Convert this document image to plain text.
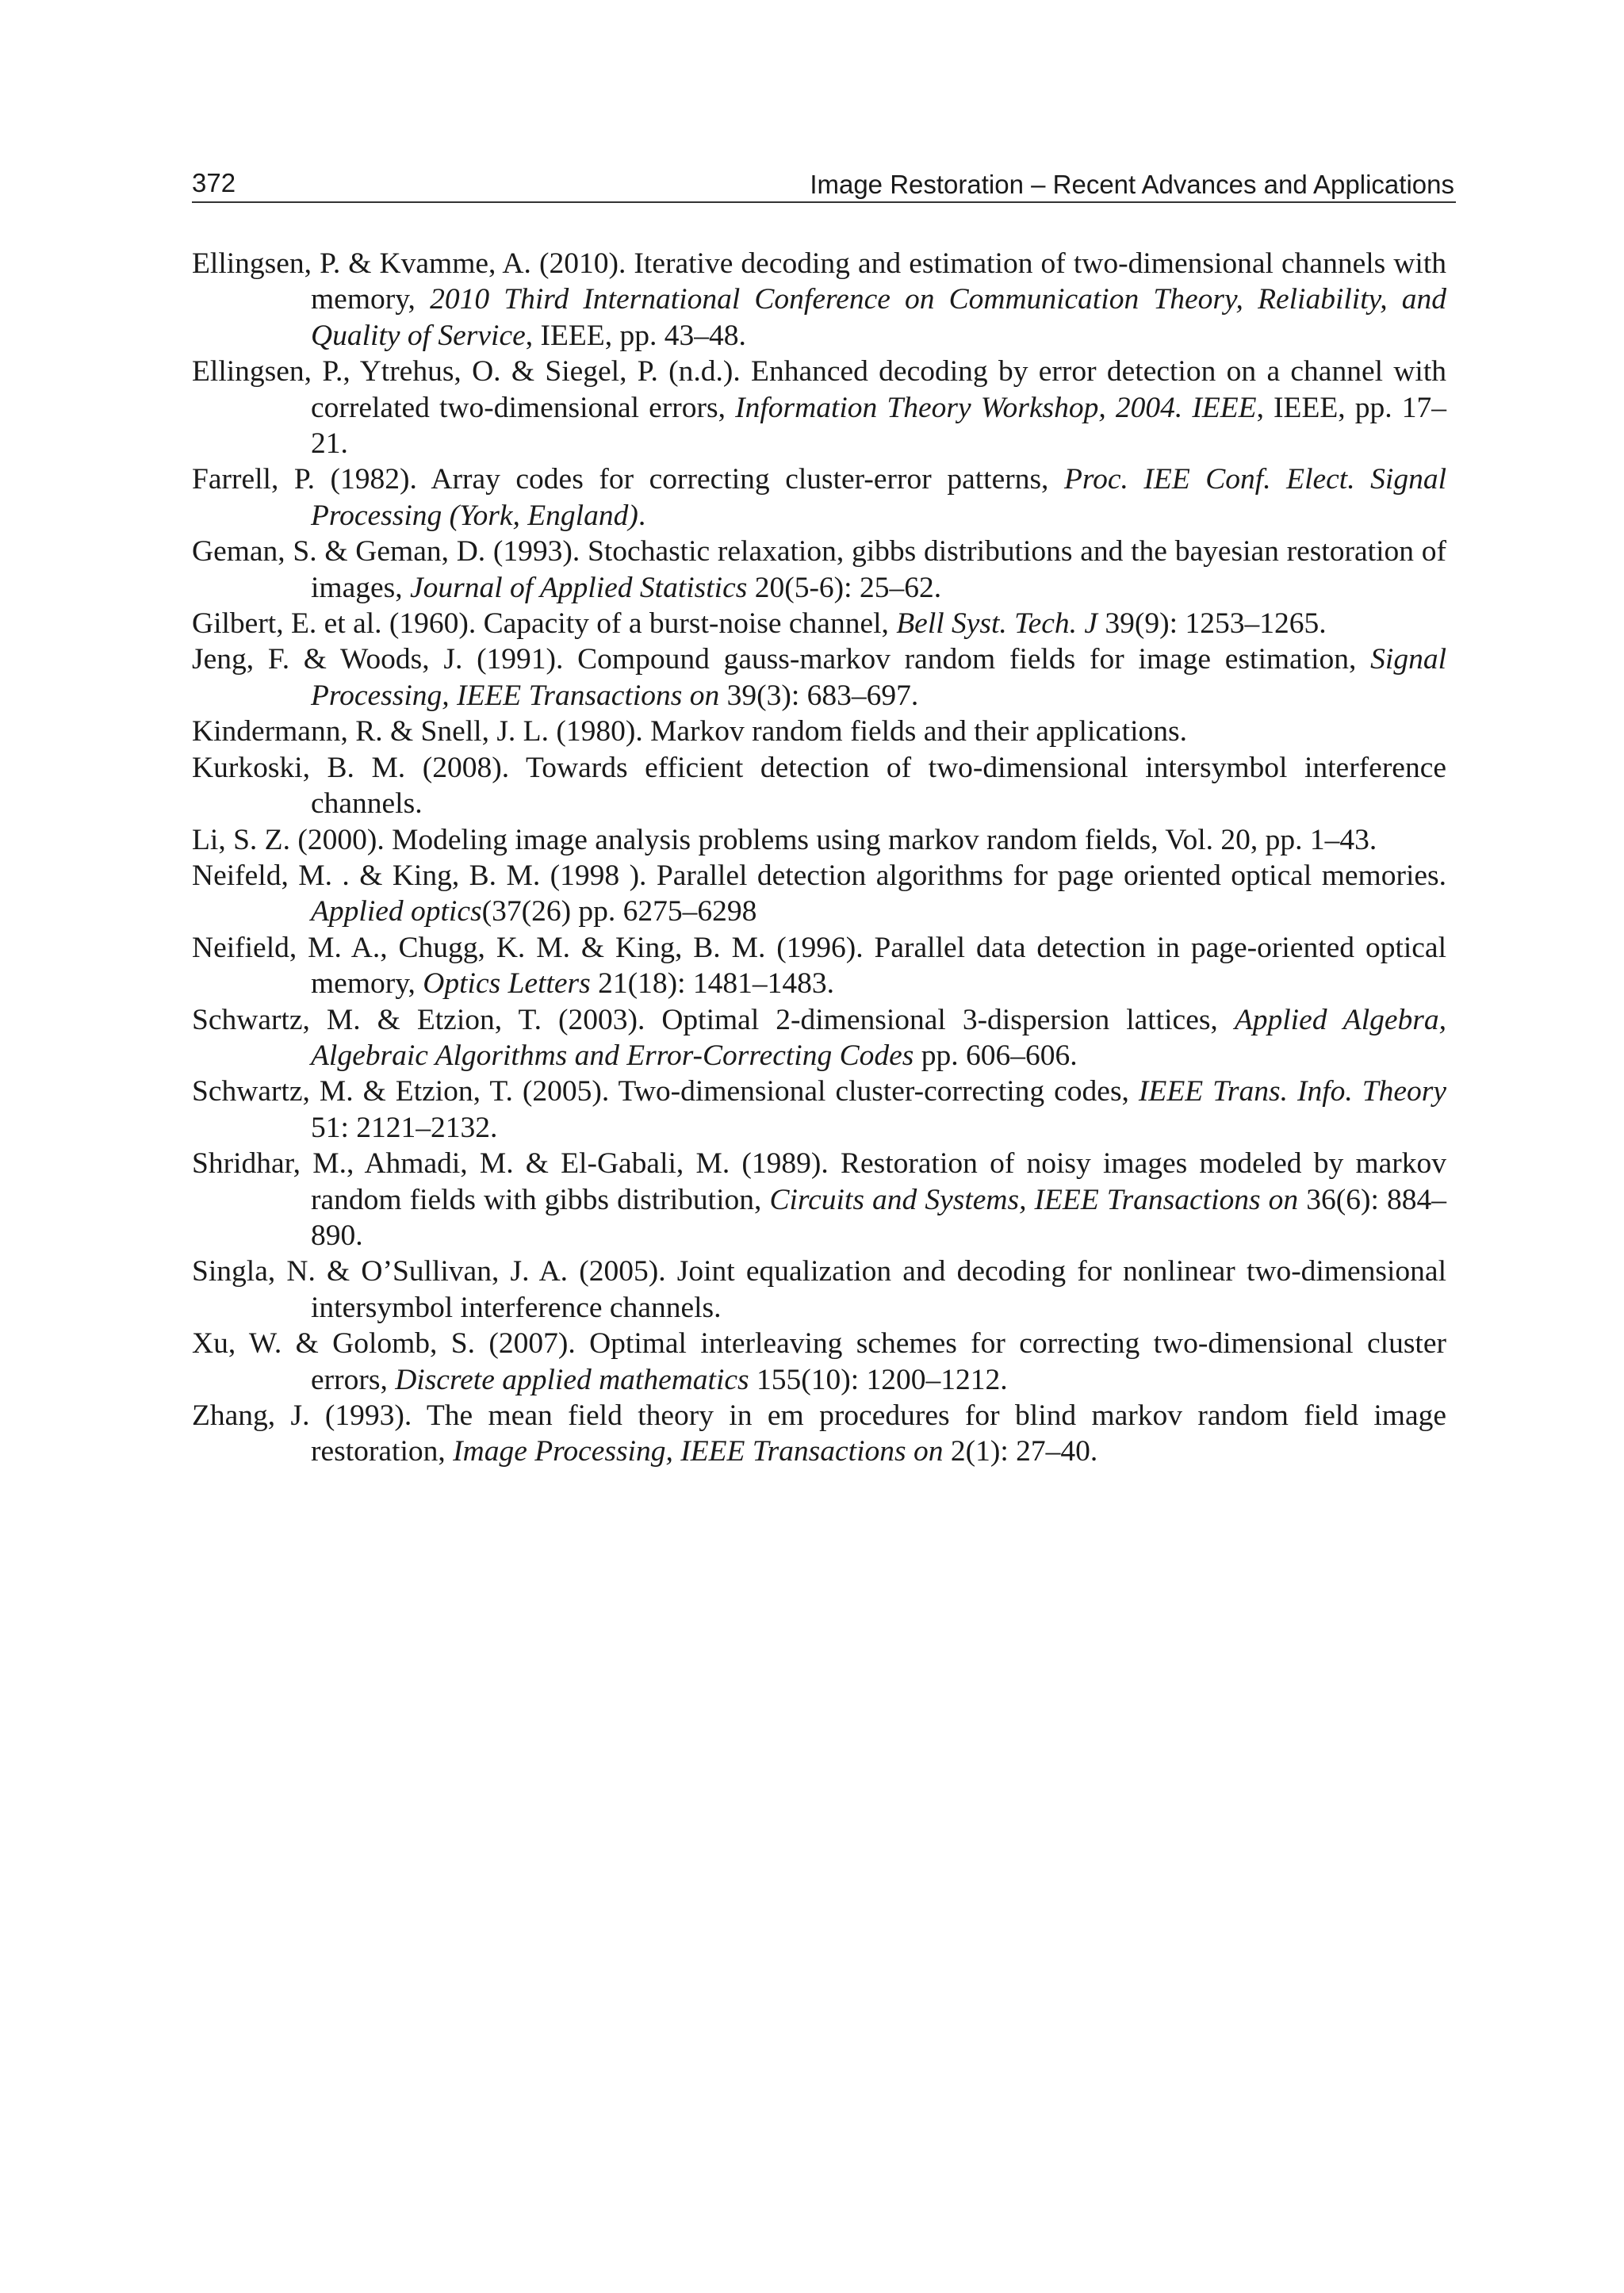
372	Image Restoration – Recent Advances and Applications

Ellingsen, P. & Kvamme, A. (2010). Iterative decoding and estimation of two-dimensional channels with memory, 2010 Third International Conference on Communication Theory, Reliability, and Quality of Service, IEEE, pp. 43–48.

Ellingsen, P., Ytrehus, O. & Siegel, P. (n.d.). Enhanced decoding by error detection on a channel with correlated two-dimensional errors, Information Theory Workshop, 2004. IEEE, IEEE, pp. 17–21.

Farrell, P. (1982). Array codes for correcting cluster-error patterns, Proc. IEE Conf. Elect. Signal Processing (York, England).

Geman, S. & Geman, D. (1993). Stochastic relaxation, gibbs distributions and the bayesian restoration of images, Journal of Applied Statistics 20(5-6): 25–62.

Gilbert, E. et al. (1960). Capacity of a burst-noise channel, Bell Syst. Tech. J 39(9): 1253–1265.

Jeng, F. & Woods, J. (1991). Compound gauss-markov random fields for image estimation, Signal Processing, IEEE Transactions on 39(3): 683–697.

Kindermann, R. & Snell, J. L. (1980). Markov random fields and their applications.

Kurkoski, B. M. (2008). Towards efficient detection of two-dimensional intersymbol interference channels.

Li, S. Z. (2000). Modeling image analysis problems using markov random fields, Vol. 20, pp. 1–43.

Neifeld, M. . & King, B. M. (1998 ). Parallel detection algorithms for page oriented optical memories. Applied optics(37(26) pp. 6275–6298

Neifield, M. A., Chugg, K. M. & King, B. M. (1996). Parallel data detection in page-oriented optical memory, Optics Letters 21(18): 1481–1483.

Schwartz, M. & Etzion, T. (2003). Optimal 2-dimensional 3-dispersion lattices, Applied Algebra, Algebraic Algorithms and Error-Correcting Codes pp. 606–606.

Schwartz, M. & Etzion, T. (2005). Two-dimensional cluster-correcting codes, IEEE Trans. Info. Theory 51: 2121–2132.

Shridhar, M., Ahmadi, M. & El-Gabali, M. (1989). Restoration of noisy images modeled by markov random fields with gibbs distribution, Circuits and Systems, IEEE Transactions on 36(6): 884–890.

Singla, N. & O’Sullivan, J. A. (2005). Joint equalization and decoding for nonlinear two-dimensional intersymbol interference channels.

Xu, W. & Golomb, S. (2007). Optimal interleaving schemes for correcting two-dimensional cluster errors, Discrete applied mathematics 155(10): 1200–1212.

Zhang, J. (1993). The mean field theory in em procedures for blind markov random field image restoration, Image Processing, IEEE Transactions on 2(1): 27–40.
